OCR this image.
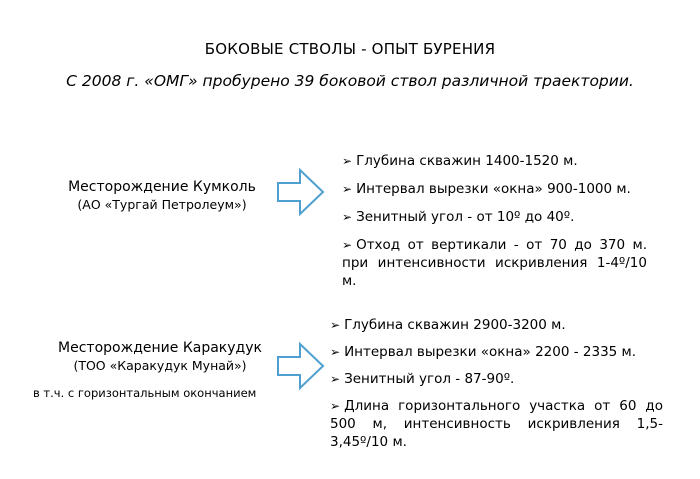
БОКОВЫЕ СТВОЛЫ - ОПЫТ БУРЕНИЯ
С 2008 г. «ОМГ» пробурено 39 боковой ствол различной траектории.
Месторождение Кумколь
(АО «Тургай Петролеум»)
➢ Глубина скважин 1400-1520 м.
➢ Интервал вырезки «окна» 900-1000 м.
➢ Зенитный угол - от 10º до 40º.
➢ Отход от вертикали - от 70 до 370 м. при интенсивности искривления 1-4º/10 м.
Месторождение Каракудук
(ТОО «Каракудук Мунай»)
в т.ч. с горизонтальным окончанием
➢ Глубина скважин 2900-3200 м.
➢ Интервал вырезки «окна» 2200 - 2335 м.
➢ Зенитный угол - 87-90º.
➢ Длина горизонтального участка от 60 до 500 м, интенсивность искривления 1,5-3,45º/10 м.
